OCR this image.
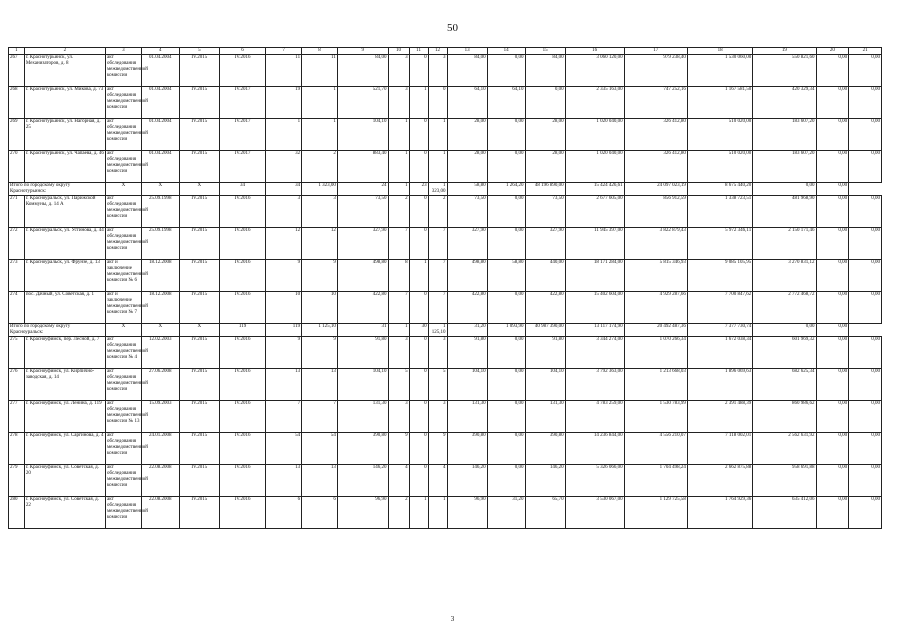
50
1	2	3	4	5	6	7	8	9	10	11	12	13	14	15	16	17	18	19	20	21
267	г. Краснотурьинск, ул. Механизаторов, д. 8	акт обследования межведомственной комиссии	01.04.2004	IV.2015	IV.2016	11	11	84,00	3	0	3	84,00	0,00	84,00	3 060 120,00	979 238,40	1 530 060,00	550 821,60	0,00	0,00
268	г. Краснотурьинск, ул. Микова, д. 73	акт обследования межведомственной комиссии	01.04.2004	IV.2015	IV.2017	19	1	521,70	3	1	0	64,10	64,10	0,00	2 335 163,00	747 252,16	1 167 581,50	420 329,34	0,00	0,00
269	г. Краснотурьинск, ул. Нагорная, д. 25	акт обследования межведомственной комиссии	01.04.2004	IV.2015	IV.2017	1	1	104,10	1	0	1	28,00	0,00	28,00	1 020 040,00	326 412,80	510 020,00	183 607,20	0,00	0,00
270	г. Краснотурьинск, ул. Чапаева, д. 46	акт обследования межведомственной комиссии	01.04.2004	IV.2015	IV.2017	32	2	883,40	1	0	1	28,00	0,00	28,00	1 020 040,00	326 412,80	510 020,00	183 607,20	0,00	0,00
Итого по городскому округу Краснотурьинск:		X	X	X	34	34	1 323,00	24	1	23	1 323,00	58,80	1 264,20	48 196 890,00	15 424 426,61	24 097 023,19	8 675 440,20	0,00	0,00	
271	г. Красноуральск, ул. Парижской Коммуны, д. 14 А	акт обследования межведомственной комиссии	25.09.1998	IV.2015	IV.2016	3	3	73,50	2	0	2	73,50	0,00	73,50	2 677 605,00	856 912,59	1 338 723,51	481 968,90	0,00	0,00
272	г. Красноуральск, ул. Устинова, д. 44	акт обследования межведомственной комиссии	25.09.1998	IV.2015	IV.2016	12	12	327,90	7	0	7	327,90	0,00	327,90	11 945 397,00	3 822 879,43	5 972 346,11	2 150 171,46	0,00	0,00
273	г. Красноуральск, ул. Фрунзе, д. 13	акт и заключение межведомственной комиссии № 6	18.12.2008	IV.2015	IV.2016	9	9	498,80	8	1	7	498,80	58,80	440,00	18 171 284,00	5 815 346,93	9 085 105,95	3 270 831,12	0,00	0,00
274	пос. Дачный, ул. Советская, д. 1	акт и заключение межведомственной комиссии № 7	18.12.2008	IV.2015	IV.2016	10	10	422,80	7	0	7	422,80	0,00	422,80	15 402 604,00	4 929 287,66	7 700 847,62	2 772 468,72	0,00	0,00
Итого по городскому округу Красноуральск:		X	X	X	119	119	1 125,10	31	1	30	1 125,10	31,20	1 093,90	40 987 390,00	13 117 174,90	20 492 487,36	7 377 730,74	0,00	0,00	
275	г. Красноуфимск, пер. Лесной, д. 7	акт обследования межведомственной комиссии № 4	12.02.2003	IV.2015	IV.2016	9	9	91,80	3	0	3	91,80	0,00	91,80	3 344 274,00	1 070 266,34	1 672 038,34	601 969,32	0,00	0,00
276	г. Красноуфимск, ул. Кирпично-заводская, д. 14	акт обследования межведомственной комиссии	27.06.2008	IV.2015	IV.2016	13	13	104,10	5	0	5	104,10	0,00	104,10	3 792 363,00	1 213 668,03	1 896 069,63	682 625,34	0,00	0,00
277	г. Красноуфимск, ул. Ленина, д. 119	акт обследования межведомственной комиссии № 13	15.09.2003	IV.2015	IV.2016	7	7	131,30	3	0	3	131,30	0,00	131,30	4 783 259,00	1 530 783,99	2 391 488,39	860 986,62	0,00	0,00
278	г. Красноуфимск, ул. Саргинова, д. 4	акт обследования межведомственной комиссии	24.01.2008	IV.2015	IV.2016	54	54	390,80	9	0	9	390,80	0,00	390,80	14 236 844,00	4 556 210,07	7 118 002,01	2 562 631,92	0,00	0,00
279	г. Красноуфимск, ул. Советская, д. 20	акт обследования межведомственной комиссии	22.08.2008	IV.2015	IV.2016	13	13	146,20	4	0	4	146,20	0,00	146,20	5 326 066,00	1 704 498,24	2 662 875,88	958 691,88	0,00	0,00
280	г. Красноуфимск, ул. Советская, д. 22	акт обследования межведомственной комиссии	22.08.2008	IV.2015	IV.2016	6	6	96,90	2	1	1	96,90	31,20	65,70	3 530 067,00	1 129 725,58	1 764 929,36	635 412,06	0,00	0,00
3
